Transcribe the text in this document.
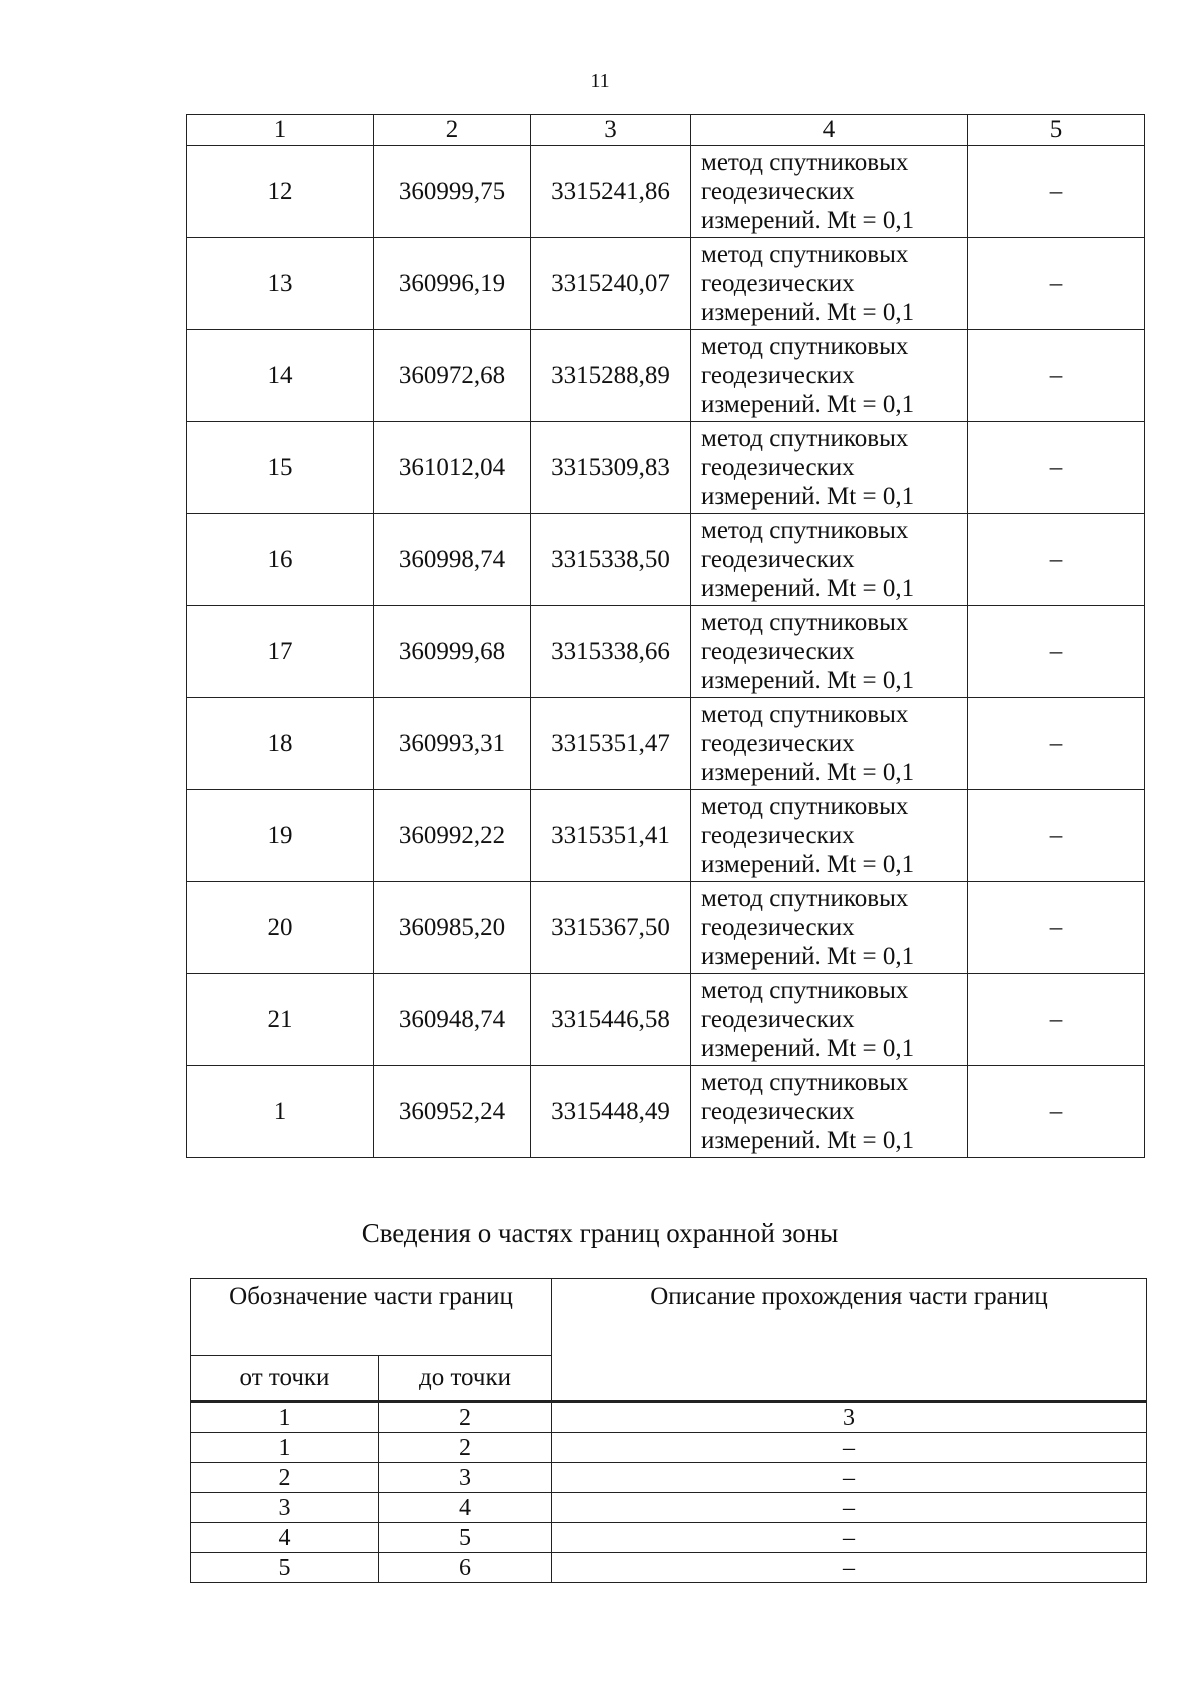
11
1	2	3	4	5
12	360999,75	3315241,86	метод спутниковых
геодезических
измерений. Mt = 0,1	–
13	360996,19	3315240,07	метод спутниковых
геодезических
измерений. Mt = 0,1	–
14	360972,68	3315288,89	метод спутниковых
геодезических
измерений. Mt = 0,1	–
15	361012,04	3315309,83	метод спутниковых
геодезических
измерений. Mt = 0,1	–
16	360998,74	3315338,50	метод спутниковых
геодезических
измерений. Mt = 0,1	–
17	360999,68	3315338,66	метод спутниковых
геодезических
измерений. Mt = 0,1	–
18	360993,31	3315351,47	метод спутниковых
геодезических
измерений. Mt = 0,1	–
19	360992,22	3315351,41	метод спутниковых
геодезических
измерений. Mt = 0,1	–
20	360985,20	3315367,50	метод спутниковых
геодезических
измерений. Mt = 0,1	–
21	360948,74	3315446,58	метод спутниковых
геодезических
измерений. Mt = 0,1	–
1	360952,24	3315448,49	метод спутниковых
геодезических
измерений. Mt = 0,1	–
Сведения о частях границ охранной зоны
Обозначение части границ		Описание прохождения части границ
от точки	до точки	
1	2	3
1	2	–
2	3	–
3	4	–
4	5	–
5	6	–
